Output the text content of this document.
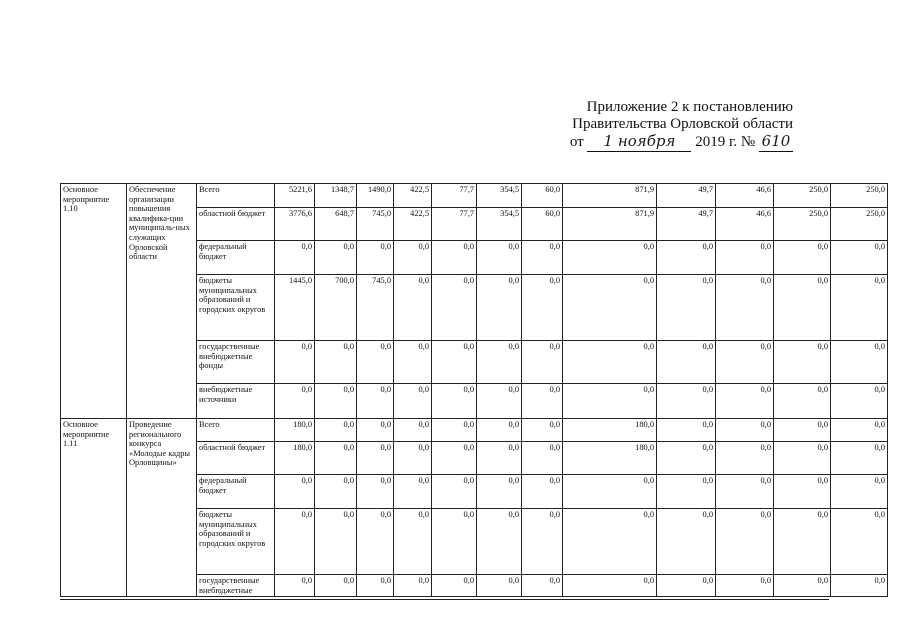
Приложение 2 к постановлению
Правительства Орловской области
от 1 ноября 2019 г. № 610
Основное мероприятие 1.10	Обеспечение организации повышения квалифика-ции муниципаль-ных служащих Орловской области	Всего	5221,6	1348,7	1490,0	422,5	77,7	354,5	60,0	871,9	49,7	46,6	250,0	250,0
		областной бюджет	3776,6	648,7	745,0	422,5	77,7	354,5	60,0	871,9	49,7	46,6	250,0	250,0
		федеральный бюджет	0,0	0,0	0,0	0,0	0,0	0,0	0,0	0,0	0,0	0,0	0,0	0,0
		бюджеты муниципальных образований и городских округов	1445,0	700,0	745,0	0,0	0,0	0,0	0,0	0,0	0,0	0,0	0,0	0,0
		государственные внебюджетные фонды	0,0	0,0	0,0	0,0	0,0	0,0	0,0	0,0	0,0	0,0	0,0	0,0
		внебюджетные источники	0,0	0,0	0,0	0,0	0,0	0,0	0,0	0,0	0,0	0,0	0,0	0,0
Основное мероприятие 1.11	Проведение регионального конкурса «Молодые кадры Орловщины»	Всего	180,0	0,0	0,0	0,0	0,0	0,0	0,0	180,0	0,0	0,0	0,0	0,0
		областной бюджет	180,0	0,0	0,0	0,0	0,0	0,0	0,0	180,0	0,0	0,0	0,0	0,0
		федеральный бюджет	0,0	0,0	0,0	0,0	0,0	0,0	0,0	0,0	0,0	0,0	0,0	0,0
		бюджеты муниципальных образований и городских округов	0,0	0,0	0,0	0,0	0,0	0,0	0,0	0,0	0,0	0,0	0,0	0,0
		государственные внебюджетные	0,0	0,0	0,0	0,0	0,0	0,0	0,0	0,0	0,0	0,0	0,0	0,0
